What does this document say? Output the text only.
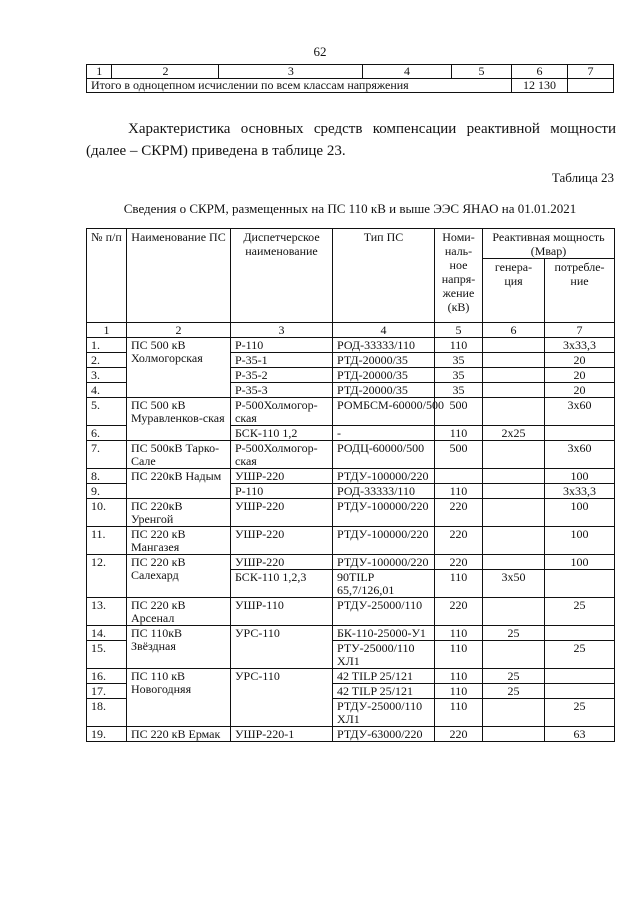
62
1	2	3	4	5	6	7
Итого в одноцепном исчислении по всем классам напряжения					12 130	
Характеристика основных средств компенсации реактивной мощности (далее – СКРМ) приведена в таблице 23.
Таблица 23
Сведения о СКРМ, размещенных на ПС 110 кВ и выше ЭЭС ЯНАО на 01.01.2021
№ п/п	Наименование ПС	Диспетчерское наименование	Тип ПС	Номи-наль-ное напря-жение (кВ)	Реактивная мощность (Мвар)	
					генера-ция	потребле-ние
1	2	3	4	5	6	7
1.	ПС 500 кВ Холмогорская	Р-110	РОД-33333/110	110		3х33,3
2.		Р-35-1	РТД-20000/35	35		20
3.		Р-35-2	РТД-20000/35	35		20
4.		Р-35-3	РТД-20000/35	35		20
5.	ПС 500 кВ Муравленков-ская	Р-500Холмогор-ская	РОМБСМ-60000/500	500		3х60
6.		БСК-110 1,2	-	110	2х25	
7.	ПС 500кВ Тарко-Сале	Р-500Холмогор-ская	РОДЦ-60000/500	500		3х60
8.	ПС 220кВ Надым	УШР-220	РТДУ-100000/220			100
9.		Р-110	РОД-33333/110	110		3х33,3
10.	ПС 220кВ Уренгой	УШР-220	РТДУ-100000/220	220		100
11.	ПС 220 кВ Мангазея	УШР-220	РТДУ-100000/220	220		100
12.	ПС 220 кВ Салехард	УШР-220	РТДУ-100000/220	220		100
		БСК-110 1,2,3	90TILP 65,7/126,01	110	3х50	
13.	ПС 220 кВ Арсенал	УШР-110	РТДУ-25000/110	220		25
14.	ПС 110кВ Звёздная	УРС-110	БК-110-25000-У1	110	25	
15.			РТУ-25000/110 ХЛ1	110		25
16.	ПС 110 кВ Новогодняя	УРС-110	42 TILP 25/121	110	25	
17.			42 TILP 25/121	110	25	
18.			РТДУ-25000/110 ХЛ1	110		25
19.	ПС 220 кВ Ермак	УШР-220-1	РТДУ-63000/220	220		63
